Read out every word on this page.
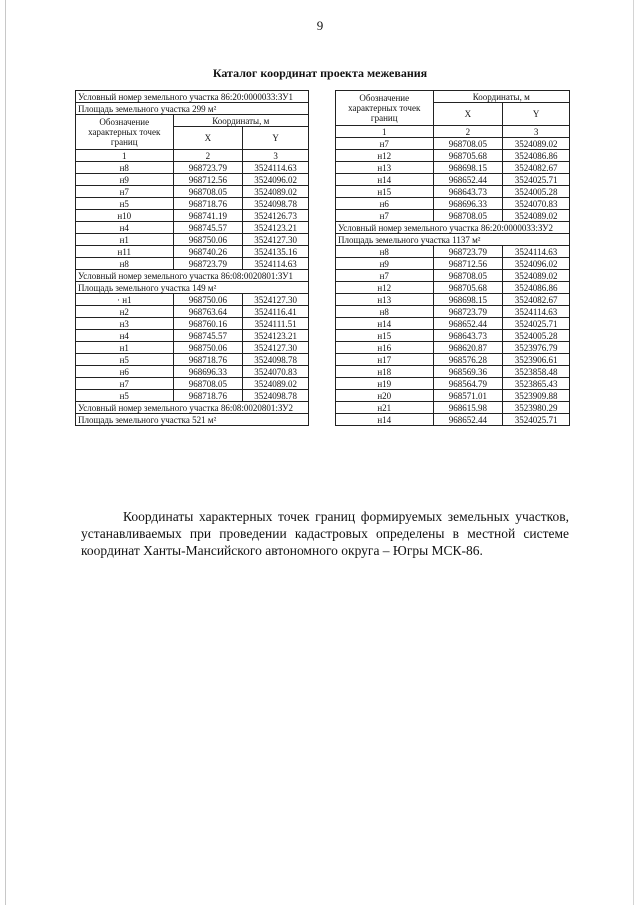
9
Каталог координат проекта межевания
Условный номер земельного участка 86:20:0000033:ЗУ1		
Площадь земельного участка 299 м²		
Обозначение характерных точек границ	Координаты, м	
	X	Y
1	2	3
н8	968723.79	3524114.63
н9	968712.56	3524096.02
н7	968708.05	3524089.02
н5	968718.76	3524098.78
н10	968741.19	3524126.73
н4	968745.57	3524123.21
н1	968750.06	3524127.30
н11	968740.26	3524135.16
н8	968723.79	3524114.63
Условный номер земельного участка 86:08:0020801:ЗУ1		
Площадь земельного участка 149 м²		
· н1	968750.06	3524127.30
н2	968763.64	3524116.41
н3	968760.16	3524111.51
н4	968745.57	3524123.21
н1	968750.06	3524127.30
н5	968718.76	3524098.78
н6	968696.33	3524070.83
н7	968708.05	3524089.02
н5	968718.76	3524098.78
Условный номер земельного участка 86:08:0020801:ЗУ2		
Площадь земельного участка 521 м²		
Обозначение характерных точек границ	Координаты, м	
	X	Y
1	2	3
н7	968708.05	3524089.02
н12	968705.68	3524086.86
н13	968698.15	3524082.67
н14	968652.44	3524025.71
н15	968643.73	3524005.28
н6	968696.33	3524070.83
н7	968708.05	3524089.02
Условный номер земельного участка 86:20:0000033:ЗУ2		
Площадь земельного участка 1137 м²		
н8	968723.79	3524114.63
н9	968712.56	3524096.02
н7	968708.05	3524089.02
н12	968705.68	3524086.86
н13	968698.15	3524082.67
н8	968723.79	3524114.63
н14	968652.44	3524025.71
н15	968643.73	3524005.28
н16	968620.87	3523976.79
н17	968576.28	3523906.61
н18	968569.36	3523858.48
н19	968564.79	3523865.43
н20	968571.01	3523909.88
н21	968615.98	3523980.29
н14	968652.44	3524025.71
Координаты характерных точек границ формируемых земельных участков, устанавливаемых при проведении кадастровых определены в местной системе координат Ханты-Мансийского автономного округа – Югры МСК-86.
